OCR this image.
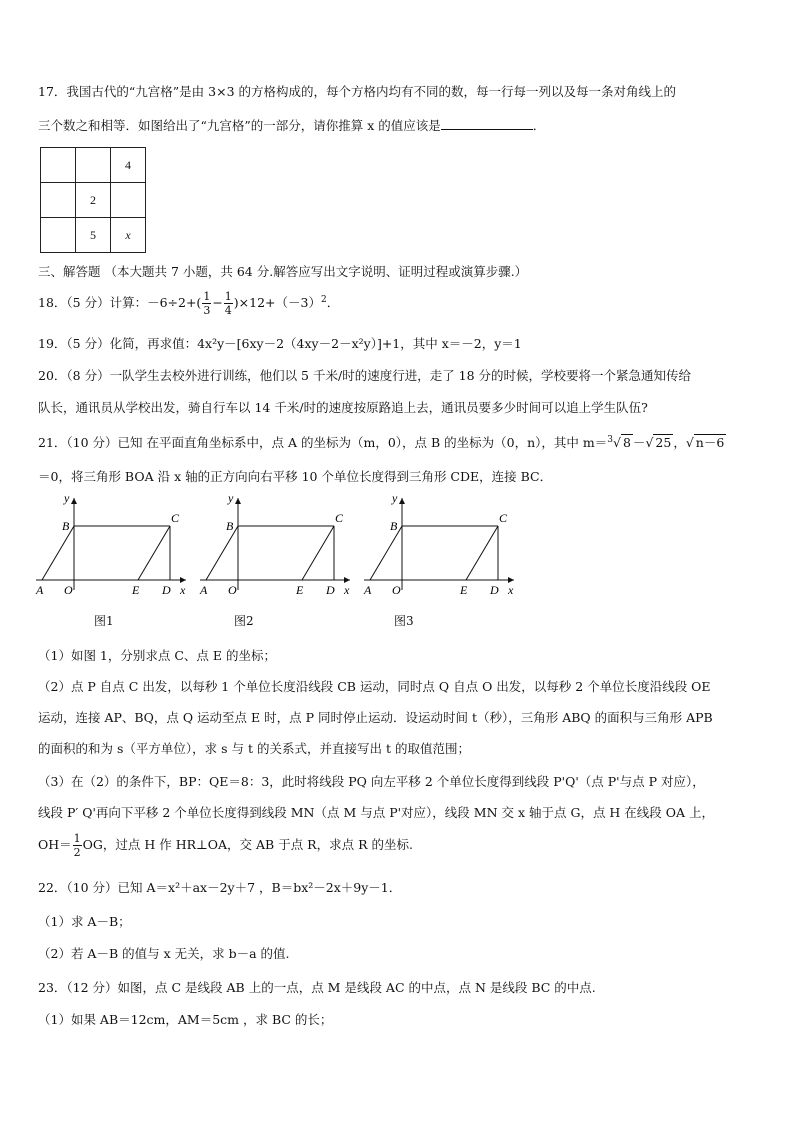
17．我国古代的“九宫格”是由 3×3 的方格构成的，每个方格内均有不同的数，每一行每一列以及每一条对角线上的
三个数之和相等．如图给出了“九宫格”的一部分，请你推算 x 的值应该是	．
		4
	2	
	5	x
三、解答题 （本大题共 7 小题，共 64 分.解答应写出文字说明、证明过程或演算步骤.）
18．（5 分）计算：$-6\div 2+( \frac{1}{3} - \frac{1}{4} )\times 12+(-3)^2$．
19．（5 分）化简，再求值：4x²y－[6xy－2（4xy－2－x²y）]+1，其中 x＝－2，y＝1
20．（8 分）一队学生去校外进行训练，他们以 5 千米/时的速度行进，走了 18 分的时候，学校要将一个紧急通知传给
队长，通讯员从学校出发，骑自行车以 14 千米/时的速度按原路追上去，通讯员要多少时间可以追上学生队伍?
21．（10 分）已知 在平面直角坐标系中，点 A 的坐标为（m，0），点 B 的坐标为（0，n），其中 m＝$^3$√ 8 －√ 25 ，√ n－6
＝0，将三角形 BOA 沿 x 轴的正方向向右平移 10 个单位长度得到三角形 CDE，连接 BC．
y
B
C
A O	E D x
图1
y
B
C
A O	E D x
图2
y
B
C
A O	E D x
图3
（1）如图 1，分别求点 C、点 E 的坐标；
（2）点 P 自点 C 出发，以每秒 1 个单位长度沿线段 CB 运动，同时点 Q 自点 O 出发，以每秒 2 个单位长度沿线段 OE
运动，连接 AP、BQ，点 Q 运动至点 E 时，点 P 同时停止运动．设运动时间 t（秒），三角形 ABQ 的面积与三角形 APB
的面积的和为 s（平方单位），求 s 与 t 的关系式，并直接写出 t 的取值范围；
（3）在（2）的条件下，BP：QE＝8：3，此时将线段 PQ 向左平移 2 个单位长度得到线段 P'Q'（点 P'与点 P 对应），
线段 P′ Q'再向下平移 2 个单位长度得到线段 MN（点 M 与点 P'对应），线段 MN 交 x 轴于点 G，点 H 在线段 OA 上，
$OH= \frac{1}{2}$ OG，过点 H 作 HR⊥OA，交 AB 于点 R，求点 R 的坐标.
22．（10 分）已知 A＝x²＋ax－2y＋7 ，B＝bx²－2x＋9y－1．
（1）求 A－B；
（2）若 A－B 的值与 x 无关，求 b－a 的值.
23．（12 分）如图，点 C 是线段 AB 上的一点，点 M 是线段 AC 的中点，点 N 是线段 BC 的中点.
（1）如果 AB＝12cm，AM＝5cm ，求 BC 的长；
